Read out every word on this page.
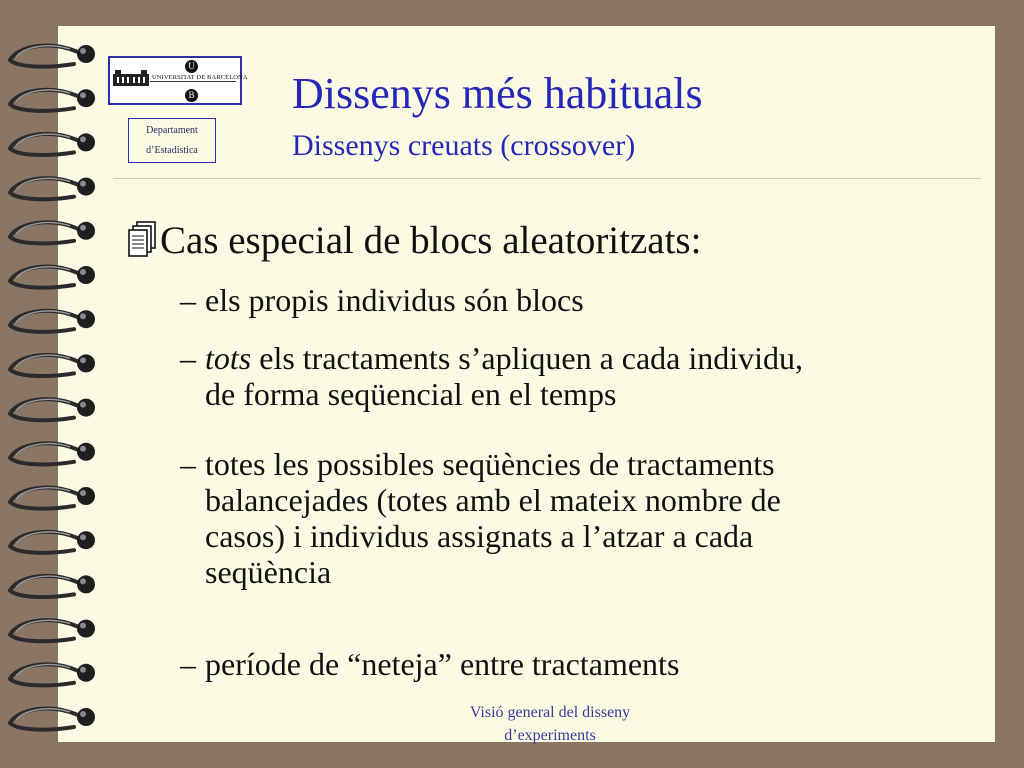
U
UNIVERSITAT DE BARCELONA
B
Departament
d’Estadística
Dissenys més habituals
Dissenys creuats (crossover)
Cas especial de blocs aleatoritzats:
– els propis individus són blocs
– tots els tractaments s’apliquen a cada individu,
de forma seqüencial en el temps
– totes les possibles seqüències de tractaments
balancejades (totes amb el mateix nombre de
casos) i individus assignats a l’atzar a cada
seqüència
– període de “neteja” entre tractaments
Visió general del disseny
d’experiments
